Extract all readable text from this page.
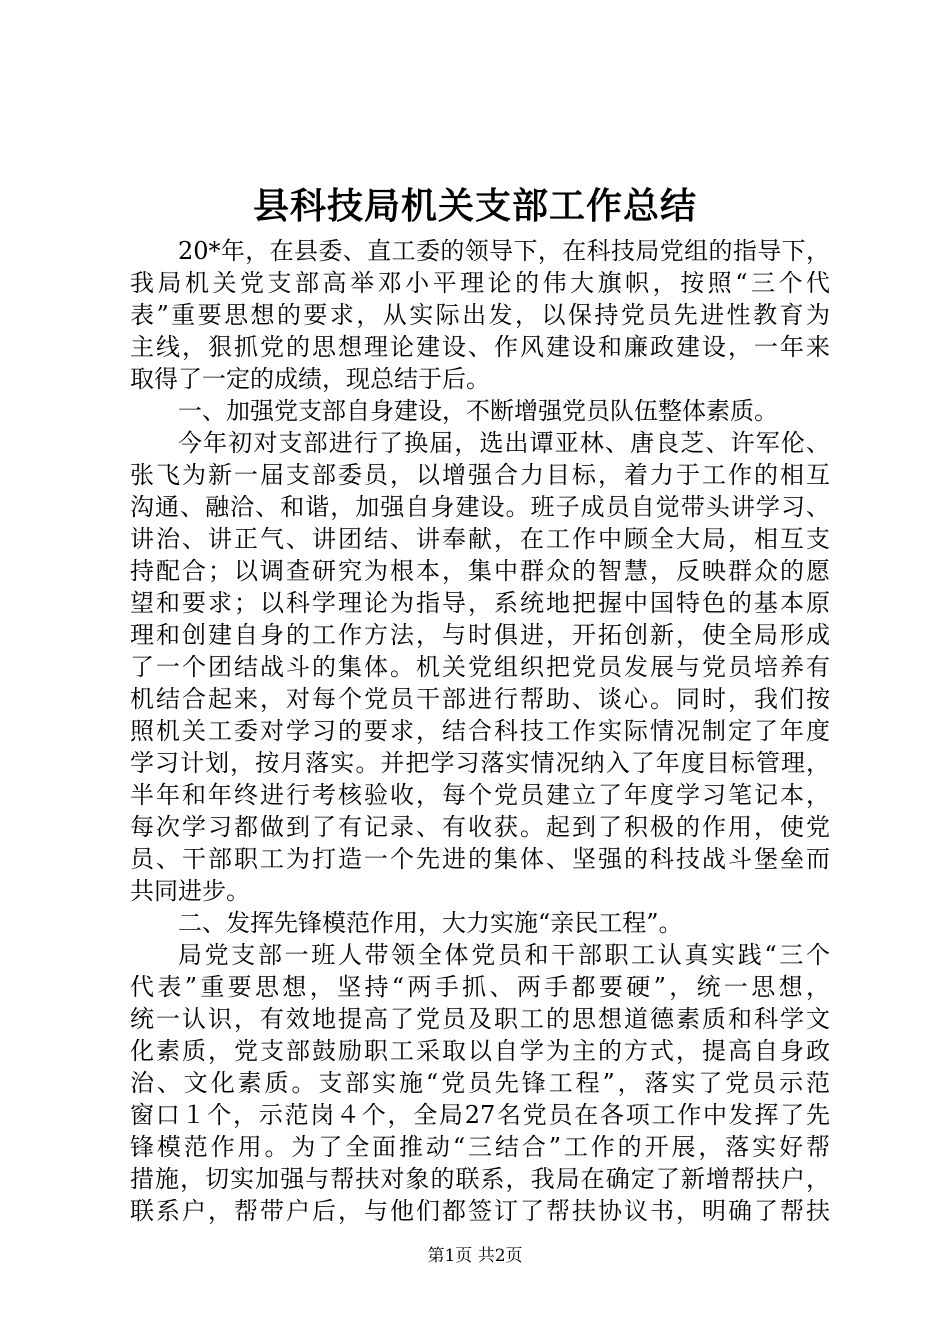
县科技局机关支部工作总结
20*年，在县委、直工委的领导下，在科技局党组的指导下，
我局机关党支部高举邓小平理论的伟大旗帜，按照“三个代
表”重要思想的要求，从实际出发，以保持党员先进性教育为
主线，狠抓党的思想理论建设、作风建设和廉政建设，一年来
取得了一定的成绩，现总结于后。
一、加强党支部自身建设，不断增强党员队伍整体素质。
今年初对支部进行了换届，选出谭亚林、唐良芝、许军伦、
张飞为新一届支部委员，以增强合力目标，着力于工作的相互
沟通、融洽、和谐，加强自身建设。班子成员自觉带头讲学习、
讲治、讲正气、讲团结、讲奉献，在工作中顾全大局，相互支
持配合；以调查研究为根本，集中群众的智慧，反映群众的愿
望和要求；以科学理论为指导，系统地把握中国特色的基本原
理和创建自身的工作方法，与时俱进，开拓创新，使全局形成
了一个团结战斗的集体。机关党组织把党员发展与党员培养有
机结合起来，对每个党员干部进行帮助、谈心。同时，我们按
照机关工委对学习的要求，结合科技工作实际情况制定了年度
学习计划，按月落实。并把学习落实情况纳入了年度目标管理，
半年和年终进行考核验收，每个党员建立了年度学习笔记本，
每次学习都做到了有记录、有收获。起到了积极的作用，使党
员、干部职工为打造一个先进的集体、坚强的科技战斗堡垒而
共同进步。
二、发挥先锋模范作用，大力实施“亲民工程”。
局党支部一班人带领全体党员和干部职工认真实践“三个
代表”重要思想，坚持“两手抓、两手都要硬”，统一思想，
统一认识，有效地提高了党员及职工的思想道德素质和科学文
化素质，党支部鼓励职工采取以自学为主的方式，提高自身政
治、文化素质。支部实施“党员先锋工程”，落实了党员示范
窗口１个，示范岗４个，全局27名党员在各项工作中发挥了先
锋模范作用。为了全面推动“三结合”工作的开展，落实好帮
措施，切实加强与帮扶对象的联系，我局在确定了新增帮扶户，
联系户，帮带户后，与他们都签订了帮扶协议书，明确了帮扶
第1页 共2页
